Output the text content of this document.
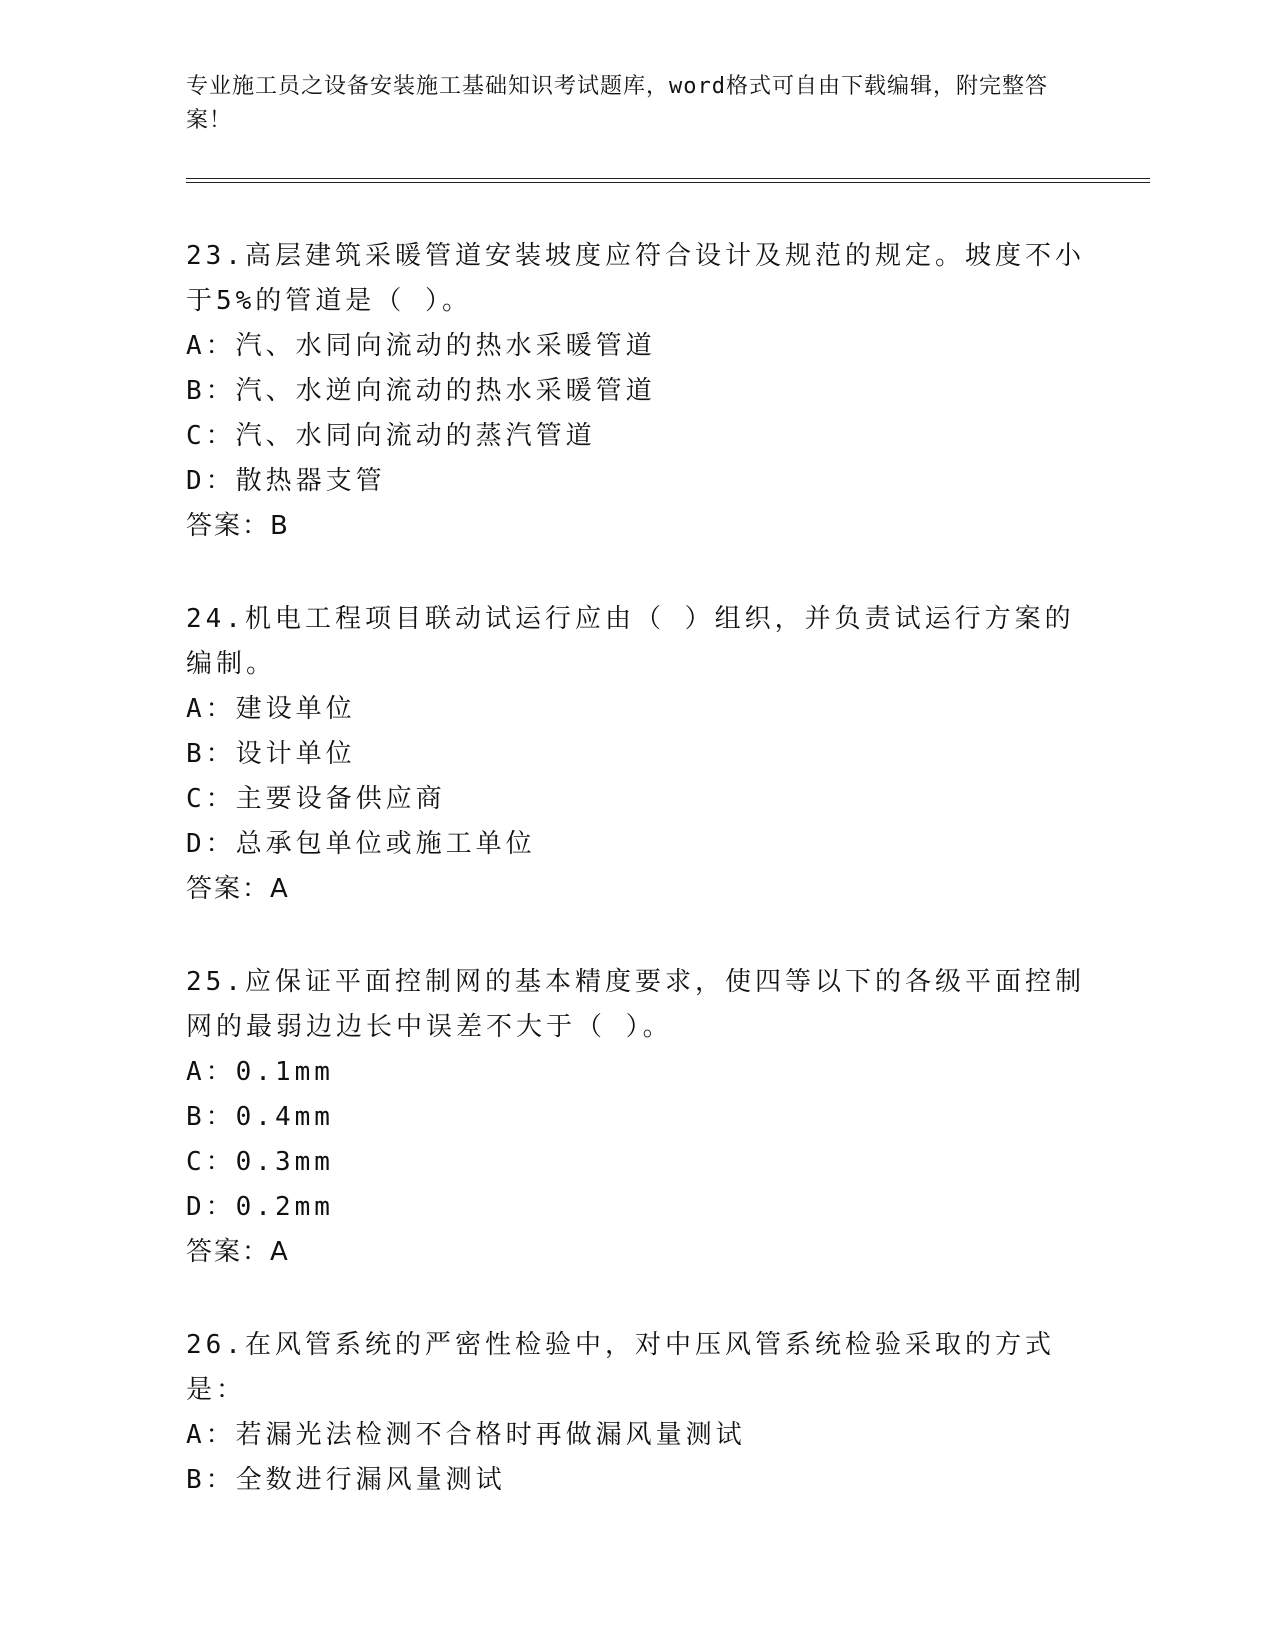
专业施工员之设备安装施工基础知识考试题库，word格式可自由下载编辑，附完整答案！
23.高层建筑采暖管道安装坡度应符合设计及规范的规定。坡度不小于5%的管道是（ ）。
A：汽、水同向流动的热水采暖管道
B：汽、水逆向流动的热水采暖管道
C：汽、水同向流动的蒸汽管道
D：散热器支管
答案：B
24.机电工程项目联动试运行应由（ ）组织，并负责试运行方案的编制。
A：建设单位
B：设计单位
C：主要设备供应商
D：总承包单位或施工单位
答案：A
25.应保证平面控制网的基本精度要求，使四等以下的各级平面控制网的最弱边边长中误差不大于（ ）。
A：0.1mm
B：0.4mm
C：0.3mm
D：0.2mm
答案：A
26.在风管系统的严密性检验中，对中压风管系统检验采取的方式是：
A：若漏光法检测不合格时再做漏风量测试
B：全数进行漏风量测试
